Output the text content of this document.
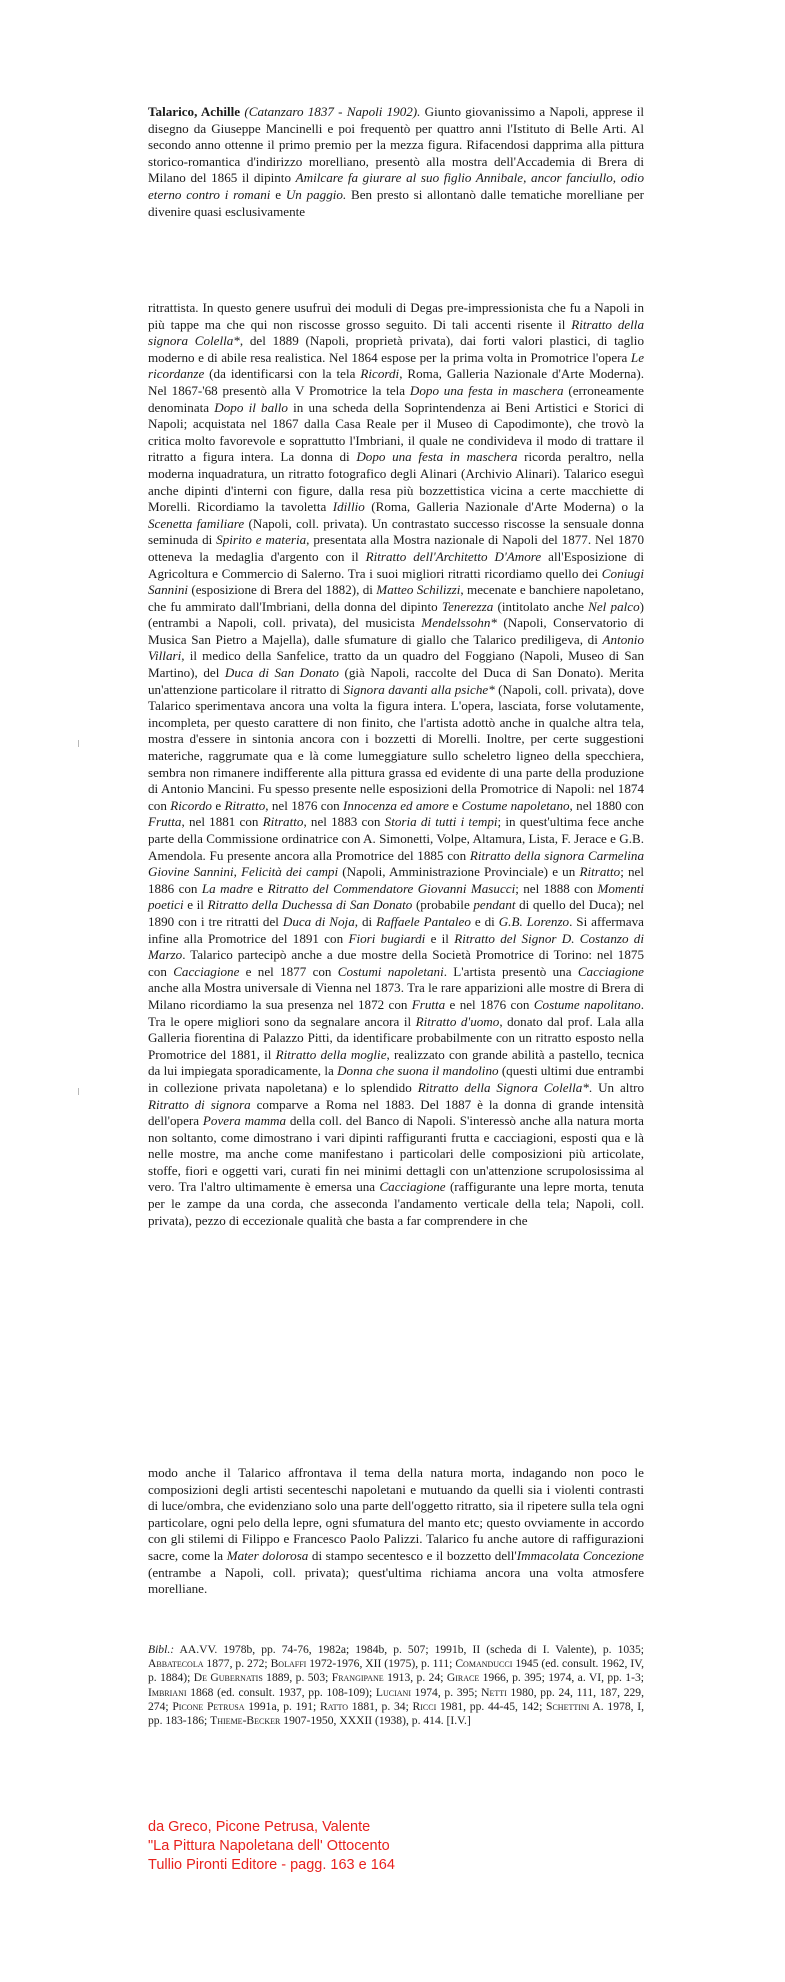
Talarico, Achille (Catanzaro 1837 - Napoli 1902). Giunto giovanissimo a Napoli, apprese il disegno da Giuseppe Mancinelli e poi frequentò per quattro anni l'Istituto di Belle Arti. Al secondo anno ottenne il primo premio per la mezza figura. Rifacendosi dapprima alla pittura storico-romantica d'indirizzo morelliano, presentò alla mostra dell'Accademia di Brera di Milano del 1865 il dipinto Amilcare fa giurare al suo figlio Annibale, ancor fanciullo, odio eterno contro i romani e Un paggio. Ben presto si allontanò dalle tematiche morelliane per divenire quasi esclusivamente

ritrattista. In questo genere usufruì dei moduli di Degas pre-impressionista che fu a Napoli in più tappe ma che qui non riscosse grosso seguito. Di tali accenti risente il Ritratto della signora Colella*, del 1889 (Napoli, proprietà privata), dai forti valori plastici, di taglio moderno e di abile resa realistica. Nel 1864 espose per la prima volta in Promotrice l'opera Le ricordanze (da identificarsi con la tela Ricordi, Roma, Galleria Nazionale d'Arte Moderna). Nel 1867-'68 presentò alla V Promotrice la tela Dopo una festa in maschera (erroneamente denominata Dopo il ballo in una scheda della Soprintendenza ai Beni Artistici e Storici di Napoli; acquistata nel 1867 dalla Casa Reale per il Museo di Capodimonte), che trovò la critica molto favorevole e soprattutto l'Imbriani, il quale ne condivideva il modo di trattare il ritratto a figura intera. La donna di Dopo una festa in maschera ricorda peraltro, nella moderna inquadratura, un ritratto fotografico degli Alinari (Archivio Alinari). Talarico eseguì anche dipinti d'interni con figure, dalla resa più bozzettistica vicina a certe macchiette di Morelli. Ricordiamo la tavoletta Idillio (Roma, Galleria Nazionale d'Arte Moderna) o la Scenetta familiare (Napoli, coll. privata). Un contrastato successo riscosse la sensuale donna seminuda di Spirito e materia, presentata alla Mostra nazionale di Napoli del 1877. Nel 1870 otteneva la medaglia d'argento con il Ritratto dell'Architetto D'Amore all'Esposizione di Agricoltura e Commercio di Salerno. Tra i suoi migliori ritratti ricordiamo quello dei Coniugi Sannini (esposizione di Brera del 1882), di Matteo Schilizzi, mecenate e banchiere napoletano, che fu ammirato dall'Imbriani, della donna del dipinto Tenerezza (intitolato anche Nel palco) (entrambi a Napoli, coll. privata), del musicista Mendelssohn* (Napoli, Conservatorio di Musica San Pietro a Majella), dalle sfumature di giallo che Talarico prediligeva, di Antonio Villari, il medico della Sanfelice, tratto da un quadro del Foggiano (Napoli, Museo di San Martino), del Duca di San Donato (già Napoli, raccolte del Duca di San Donato). Merita un'attenzione particolare il ritratto di Signora davanti alla psiche* (Napoli, coll. privata), dove Talarico sperimentava ancora una volta la figura intera. L'opera, lasciata, forse volutamente, incompleta, per questo carattere di non finito, che l'artista adottò anche in qualche altra tela, mostra d'essere in sintonia ancora con i bozzetti di Morelli. Inoltre, per certe suggestioni materiche, raggrumate qua e là come lumeggiature sullo scheletro ligneo della specchiera, sembra non rimanere indifferente alla pittura grassa ed evidente di una parte della produzione di Antonio Mancini. Fu spesso presente nelle esposizioni della Promotrice di Napoli: nel 1874 con Ricordo e Ritratto, nel 1876 con Innocenza ed amore e Costume napoletano, nel 1880 con Frutta, nel 1881 con Ritratto, nel 1883 con Storia di tutti i tempi; in quest'ultima fece anche parte della Commissione ordinatrice con A. Simonetti, Volpe, Altamura, Lista, F. Jerace e G.B. Amendola. Fu presente ancora alla Promotrice del 1885 con Ritratto della signora Carmelina Giovine Sannini, Felicità dei campi (Napoli, Amministrazione Provinciale) e un Ritratto; nel 1886 con La madre e Ritratto del Commendatore Giovanni Masucci; nel 1888 con Momenti poetici e il Ritratto della Duchessa di San Donato (probabile pendant di quello del Duca); nel 1890 con i tre ritratti del Duca di Noja, di Raffaele Pantaleo e di G.B. Lorenzo. Si affermava infine alla Promotrice del 1891 con Fiori bugiardi e il Ritratto del Signor D. Costanzo di Marzo. Talarico partecipò anche a due mostre della Società Promotrice di Torino: nel 1875 con Cacciagione e nel 1877 con Costumi napoletani. L'artista presentò una Cacciagione anche alla Mostra universale di Vienna nel 1873. Tra le rare apparizioni alle mostre di Brera di Milano ricordiamo la sua presenza nel 1872 con Frutta e nel 1876 con Costume napolitano. Tra le opere migliori sono da segnalare ancora il Ritratto d'uomo, donato dal prof. Lala alla Galleria fiorentina di Palazzo Pitti, da identificare probabilmente con un ritratto esposto nella Promotrice del 1881, il Ritratto della moglie, realizzato con grande abilità a pastello, tecnica da lui impiegata sporadicamente, la Donna che suona il mandolino (questi ultimi due entrambi in collezione privata napoletana) e lo splendido Ritratto della Signora Colella*. Un altro Ritratto di signora comparve a Roma nel 1883. Del 1887 è la donna di grande intensità dell'opera Povera mamma della coll. del Banco di Napoli. S'interessò anche alla natura morta non soltanto, come dimostrano i vari dipinti raffiguranti frutta e cacciagioni, esposti qua e là nelle mostre, ma anche come manifestano i particolari delle composizioni più articolate, stoffe, fiori e oggetti vari, curati fin nei minimi dettagli con un'attenzione scrupolosissima al vero. Tra l'altro ultimamente è emersa una Cacciagione (raffigurante una lepre morta, tenuta per le zampe da una corda, che asseconda l'andamento verticale della tela; Napoli, coll. privata), pezzo di eccezionale qualità che basta a far comprendere in che

modo anche il Talarico affrontava il tema della natura morta, indagando non poco le composizioni degli artisti secenteschi napoletani e mutuando da quelli sia i violenti contrasti di luce/ombra, che evidenziano solo una parte dell'oggetto ritratto, sia il ripetere sulla tela ogni particolare, ogni pelo della lepre, ogni sfumatura del manto etc; questo ovviamente in accordo con gli stilemi di Filippo e Francesco Paolo Palizzi. Talarico fu anche autore di raffigurazioni sacre, come la Mater dolorosa di stampo secentesco e il bozzetto dell'Immacolata Concezione (entrambe a Napoli, coll. privata); quest'ultima richiama ancora una volta atmosfere morelliane.

Bibl.: AA.VV. 1978b, pp. 74-76, 1982a; 1984b, p. 507; 1991b, II (scheda di I. Valente), p. 1035; Abbatecola 1877, p. 272; Bolaffi 1972-1976, XII (1975), p. 111; Comanducci 1945 (ed. consult. 1962, IV, p. 1884); De Gubernatis 1889, p. 503; Frangipane 1913, p. 24; Girace 1966, p. 395; 1974, a. VI, pp. 1-3; Imbriani 1868 (ed. consult. 1937, pp. 108-109); Luciani 1974, p. 395; Netti 1980, pp. 24, 111, 187, 229, 274; Picone Petrusa 1991a, p. 191; Ratto 1881, p. 34; Ricci 1981, pp. 44-45, 142; Schettini A. 1978, I, pp. 183-186; Thieme-Becker 1907-1950, XXXII (1938), p. 414. [I.V.]

da Greco, Picone Petrusa, Valente
"La Pittura Napoletana dell' Ottocento
Tullio Pironti Editore - pagg. 163 e 164
